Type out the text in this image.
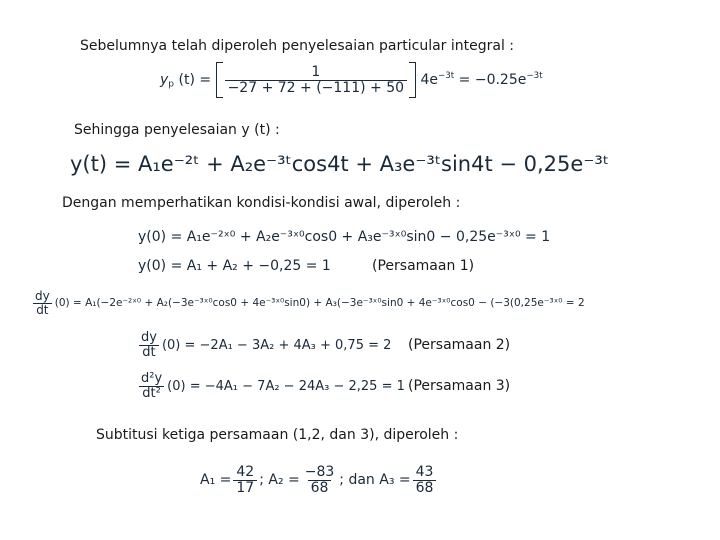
Sebelumnya telah diperoleh penyelesaian particular integral :
$y_p$ $(t) = \frac{1}{-27 + 72 + (-111) + 50} 4e^{-3t} = -0.25e^{-3t}$
Sehingga penyelesaian y (t) :
y(t) = A₁e⁻²ᵗ + A₂e⁻³ᵗcos4t + A₃e⁻³ᵗsin4t − 0,25e⁻³ᵗ
Dengan memperhatikan kondisi-kondisi awal, diperoleh :
y(0) = A₁e⁻²ˣ⁰ + A₂e⁻³ˣ⁰cos0 + A₃e⁻³ˣ⁰sin0 − 0,25e⁻³ˣ⁰ = 1
y(0) = A₁ + A₂ + −0,25 = 1	(Persamaan 1)
$\frac{dy}{dt} (0)$ = A₁(−2e⁻²ˣ⁰ + A₂(−3e⁻³ˣ⁰cos0 + 4e⁻³ˣ⁰sin0) + A₃(−3e⁻³ˣ⁰sin0 + 4e⁻³ˣ⁰cos0 − (−3(0,25e⁻³ˣ⁰ = 2
$\frac{dy}{dt} (0) = -2A_1 - 3A_2 + 4A_3 + 0,75 = 2$ (Persamaan 2)
$\frac{\text{d²y}}{\text{dt²}} (0) = -4A_1 - 7A_2 - 24A_3 - 2,25 = 1$ (Persamaan 3)
Subtitusi ketiga persamaan (1,2, dan 3), diperoleh :
$A_1 = \frac{42}{17}$ ; $A_2 = \frac{-83}{68}$ ; dan $A_3 = \frac{43}{68}$
